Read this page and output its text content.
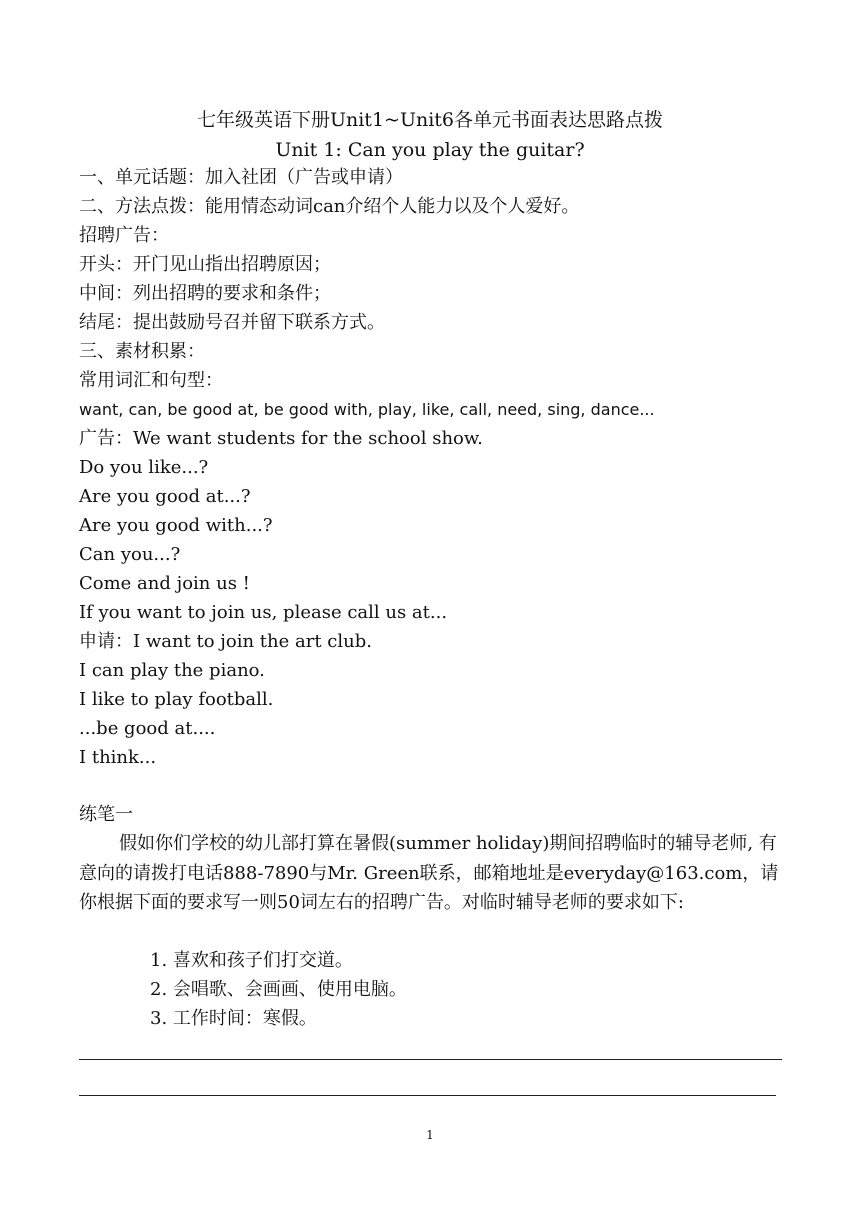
七年级英语下册Unit1~Unit6各单元书面表达思路点拨
Unit 1: Can you play the guitar?
一、单元话题：加入社团（广告或申请）
二、方法点拨：能用情态动词can介绍个人能力以及个人爱好。
招聘广告：
开头：开门见山指出招聘原因；
中间：列出招聘的要求和条件；
结尾：提出鼓励号召并留下联系方式。
三、素材积累：
常用词汇和句型：
want, can, be good at, be good with, play, like, call, need, sing, dance...
广告：We want students for the school show.
Do you like...?
Are you good at...?
Are you good with...?
Can you...?
Come and join us !
If you want to join us, please call us at...
申请：I want to join the art club.
I can play the piano.
I like to play football.
...be good at....
I think...
练笔一
假如你们学校的幼儿部打算在暑假(summer holiday)期间招聘临时的辅导老师, 有意向的请拨打电话888-7890与Mr. Green联系，邮箱地址是everyday@163.com，请你根据下面的要求写一则50词左右的招聘广告。对临时辅导老师的要求如下:
1. 喜欢和孩子们打交道。
2. 会唱歌、会画画、使用电脑。
3. 工作时间：寒假。
1
